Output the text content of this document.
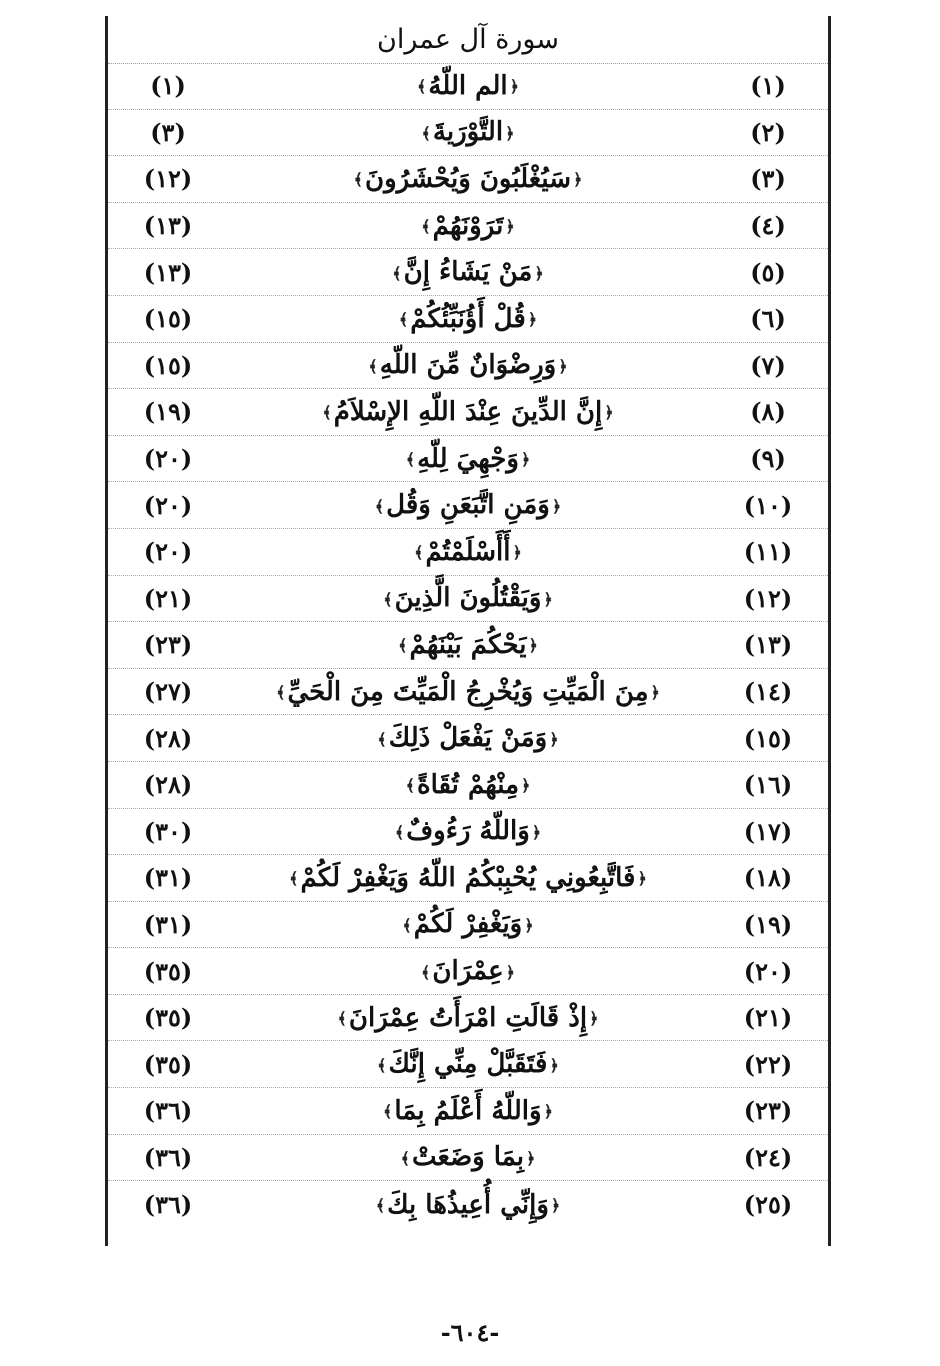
سورة آل عمران
(١)	﴿الم اللّهُ﴾	(١)
(٣)	﴿التَّوْرَيةَ﴾	(٢)
(١٢)	﴿سَيُغْلَبُونَ وَيُحْشَرُونَ﴾	(٣)
(١٣)	﴿تَرَوْنَهُمْ﴾	(٤)
(١٣)	﴿مَنْ يَشَاءُ إِنَّ﴾	(٥)
(١٥)	﴿قُلْ أَؤُنَبِّئُكُمْ﴾	(٦)
(١٥)	﴿وَرِضْوَانٌ مِّنَ اللّهِ﴾	(٧)
(١٩)	﴿إِنَّ الدِّينَ عِنْدَ اللّهِ الإِسْلاَمُ﴾	(٨)
(٢٠)	﴿وَجْهِيَ لِلّهِ﴾	(٩)
(٢٠)	﴿وَمَنِ اتَّبَعَنِ وَقُل﴾	(١٠)
(٢٠)	﴿أَأَسْلَمْتُمْ﴾	(١١)
(٢١)	﴿وَيَقْتُلُونَ الَّذِينَ﴾	(١٢)
(٢٣)	﴿يَحْكُمَ بَيْنَهُمْ﴾	(١٣)
(٢٧)	﴿مِنَ الْمَيِّتِ وَيُخْرِجُ الْمَيِّتَ مِنَ الْحَيِّ﴾	(١٤)
(٢٨)	﴿وَمَنْ يَفْعَلْ ذَلِكَ﴾	(١٥)
(٢٨)	﴿مِنْهُمْ تُقَاةً﴾	(١٦)
(٣٠)	﴿وَاللّهُ رَءُوفٌ﴾	(١٧)
(٣١)	﴿فَاتَّبِعُونِي يُحْبِبْكُمُ اللّهُ وَيَغْفِرْ لَكُمْ﴾	(١٨)
(٣١)	﴿وَيَغْفِرْ لَكُمْ﴾	(١٩)
(٣٥)	﴿عِمْرَانَ﴾	(٢٠)
(٣٥)	﴿إِذْ قَالَتِ امْرَأَتُ عِمْرَانَ﴾	(٢١)
(٣٥)	﴿فَتَقَبَّلْ مِنِّي إِنَّكَ﴾	(٢٢)
(٣٦)	﴿وَاللّهُ أَعْلَمُ بِمَا﴾	(٢٣)
(٣٦)	﴿بِمَا وَضَعَتْ﴾	(٢٤)
(٣٦)	﴿وَإِنِّي أُعِيذُهَا بِكَ﴾	(٢٥)
-٦٠٤-
